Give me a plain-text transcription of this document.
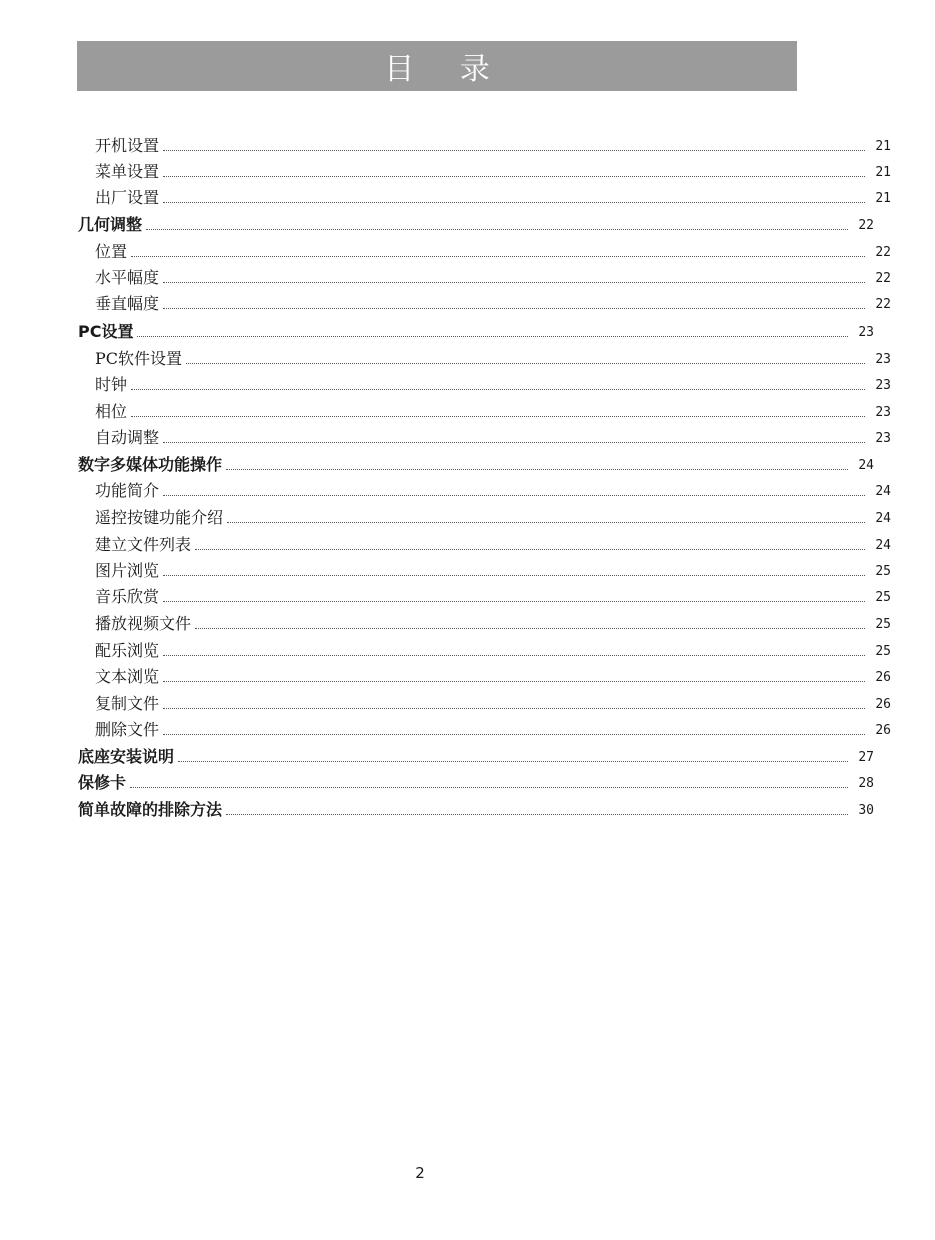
目 录
开机设置	21
菜单设置	21
出厂设置	21
几何调整	22
位置	22
水平幅度	22
垂直幅度	22
PC设置	23
PC软件设置	23
时钟	23
相位	23
自动调整	23
数字多媒体功能操作	24
功能简介	24
遥控按键功能介绍	24
建立文件列表	24
图片浏览	25
音乐欣赏	25
播放视频文件	25
配乐浏览	25
文本浏览	26
复制文件	26
删除文件	26
底座安装说明	27
保修卡	28
简单故障的排除方法	30
2
